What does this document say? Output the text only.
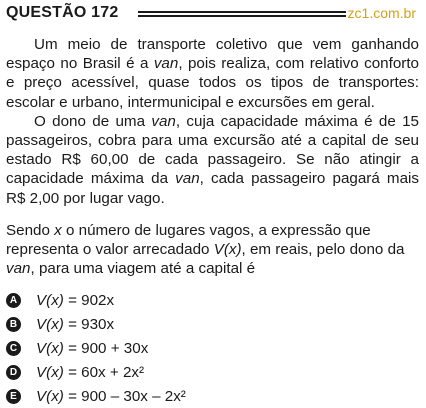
QUESTÃO 172	zc1.com.br

Um meio de transporte coletivo que vem ganhando espaço no Brasil é a van, pois realiza, com relativo conforto e preço acessível, quase todos os tipos de transportes: escolar e urbano, intermunicipal e excursões em geral.

O dono de uma van, cuja capacidade máxima é de 15 passageiros, cobra para uma excursão até a capital de seu estado R$ 60,00 de cada passageiro. Se não atingir a capacidade máxima da van, cada passageiro pagará mais R$ 2,00 por lugar vago.

Sendo x o número de lugares vagos, a expressão que representa o valor arrecadado V(x), em reais, pelo dono da van, para uma viagem até a capital é

A V(x) = 902x
B V(x) = 930x
C V(x) = 900 + 30x
D V(x) = 60x + 2x²
E V(x) = 900 – 30x – 2x²
